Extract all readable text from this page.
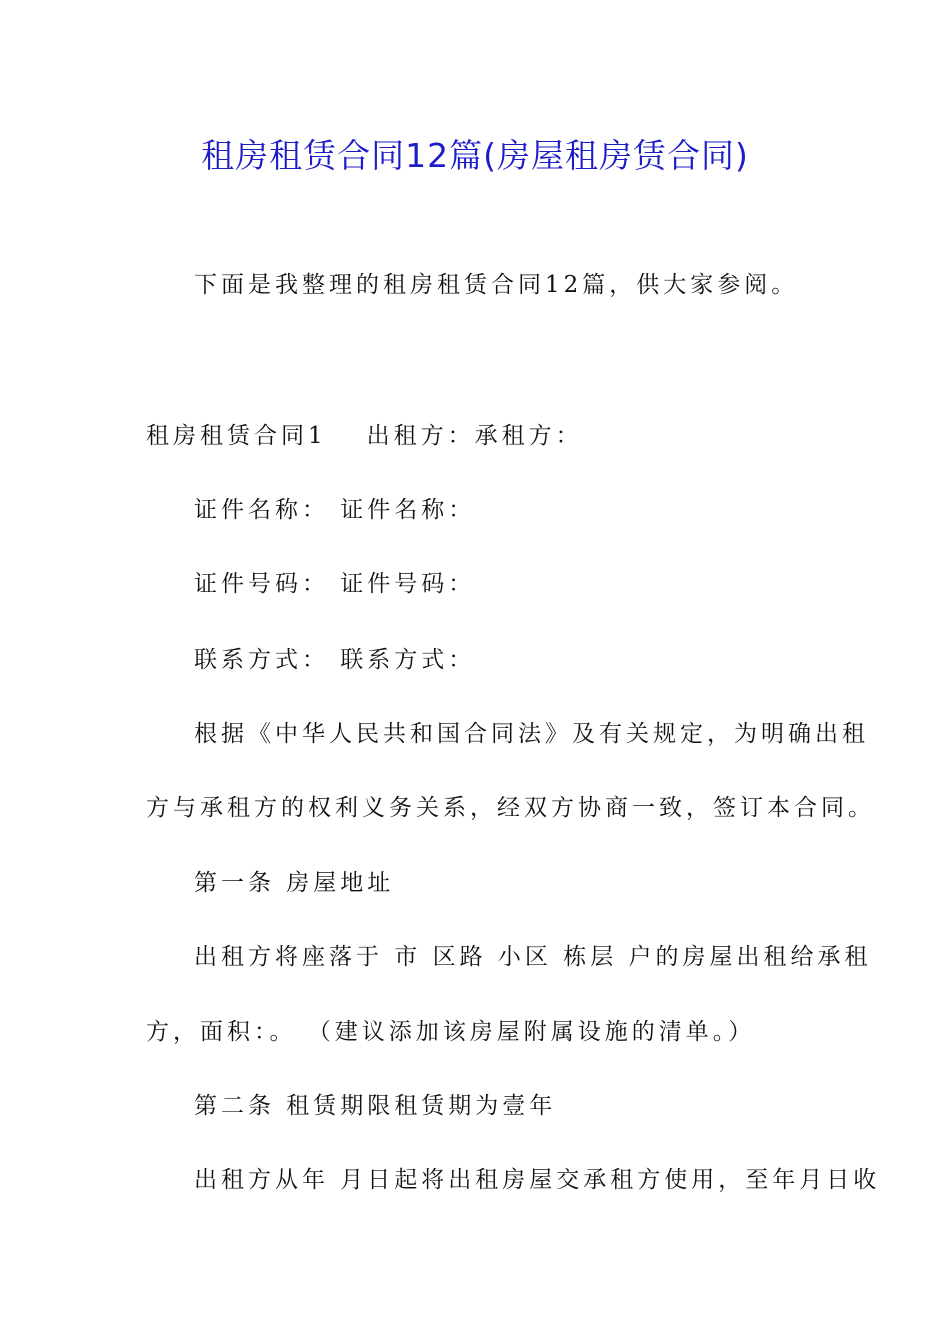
租房租赁合同12篇(房屋租房赁合同)
下面是我整理的租房租赁合同12篇，供大家参阅。
租房租赁合同1 出租方：承租方：
证件名称： 证件名称：
证件号码： 证件号码：
联系方式： 联系方式：
根据《中华人民共和国合同法》及有关规定，为明确出租
方与承租方的权利义务关系，经双方协商一致，签订本合同。
第一条 房屋地址
出租方将座落于 市 区路 小区 栋层 户的房屋出租给承租
方，面积：。 （建议添加该房屋附属设施的清单。）
第二条 租赁期限租赁期为壹年
出租方从年 月日起将出租房屋交承租方使用，至年月日收
